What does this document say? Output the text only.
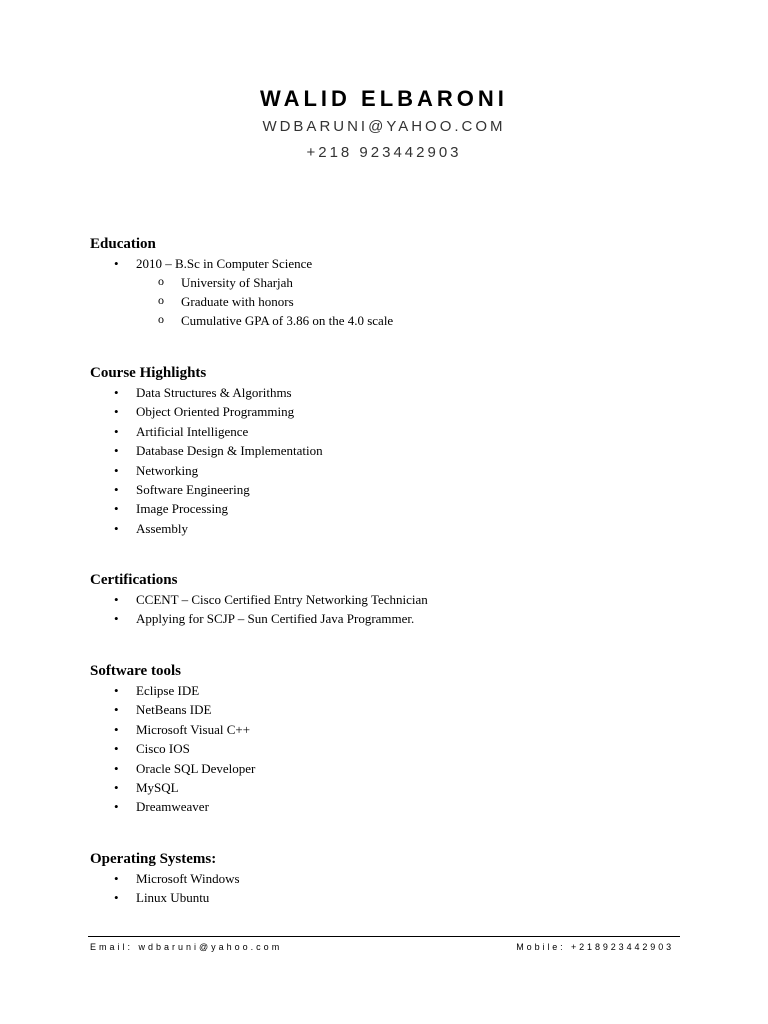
WALID ELBARONI
WDBARUNI@YAHOO.COM
+218 923442903
Education
• 2010 – B.Sc in Computer Science
o University of Sharjah
o Graduate with honors
o Cumulative GPA of 3.86 on the 4.0 scale
Course Highlights
• Data Structures & Algorithms
• Object Oriented Programming
• Artificial Intelligence
• Database Design & Implementation
• Networking
• Software Engineering
• Image Processing
• Assembly
Certifications
• CCENT – Cisco Certified Entry Networking Technician
• Applying for SCJP – Sun Certified Java Programmer.
Software tools
• Eclipse IDE
• NetBeans IDE
• Microsoft Visual C++
• Cisco IOS
• Oracle SQL Developer
• MySQL
• Dreamweaver
Operating Systems:
• Microsoft Windows
• Linux Ubuntu
Email: wdbaruni@yahoo.com	Mobile: +218923442903
